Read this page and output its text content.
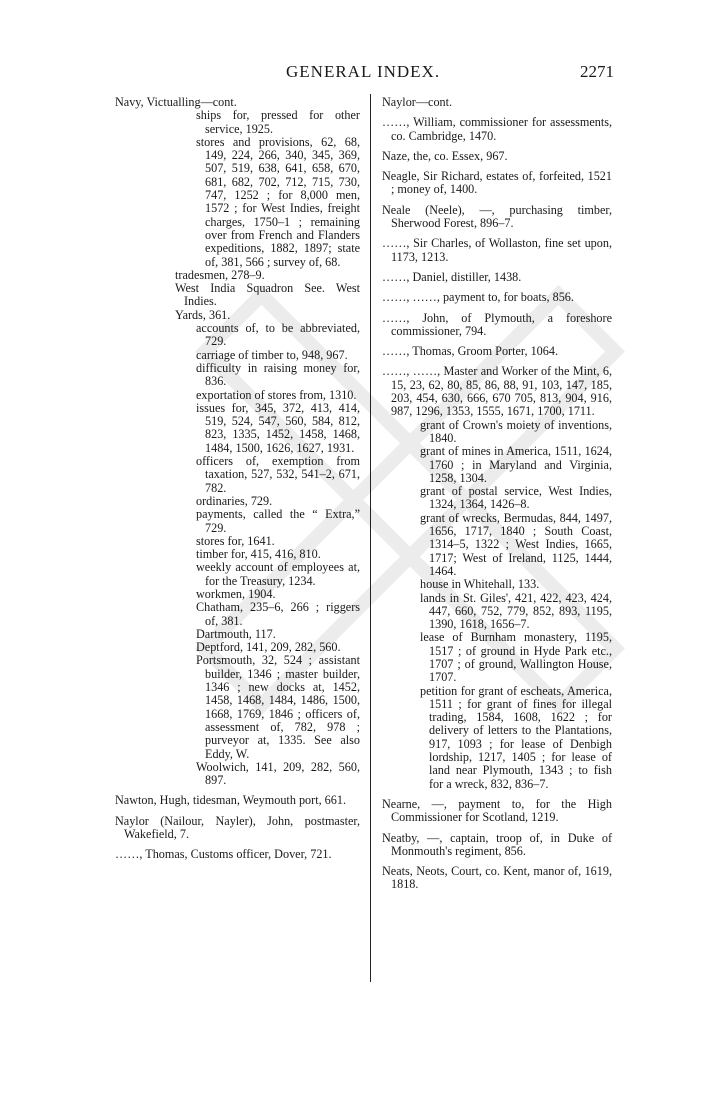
GENERAL INDEX.	2271

Navy, Victualling—cont.

ships for, pressed for other service, 1925.

stores and provisions, 62, 68, 149, 224, 266, 340, 345, 369, 507, 519, 638, 641, 658, 670, 681, 682, 702, 712, 715, 730, 747, 1252 ; for 8,000 men, 1572 ; for West Indies, freight charges, 1750–1 ; remaining over from French and Flanders expeditions, 1882, 1897; state of, 381, 566 ; survey of, 68.

tradesmen, 278–9.

West India Squadron See. West Indies.

Yards, 361.

accounts of, to be abbreviated, 729.

carriage of timber to, 948, 967.

difficulty in raising money for, 836.

exportation of stores from, 1310.

issues for, 345, 372, 413, 414, 519, 524, 547, 560, 584, 812, 823, 1335, 1452, 1458, 1468, 1484, 1500, 1626, 1627, 1931.

officers of, exemption from taxation, 527, 532, 541–2, 671, 782.

ordinaries, 729.

payments, called the “ Extra,” 729.

stores for, 1641.

timber for, 415, 416, 810.

weekly account of employees at, for the Treasury, 1234.

workmen, 1904.

Chatham, 235–6, 266 ; riggers of, 381.

Dartmouth, 117.

Deptford, 141, 209, 282, 560.

Portsmouth, 32, 524 ; assistant builder, 1346 ; master builder, 1346 ; new docks at, 1452, 1458, 1468, 1484, 1486, 1500, 1668, 1769, 1846 ; officers of, assessment of, 782, 978 ; purveyor at, 1335. See also Eddy, W.

Woolwich, 141, 209, 282, 560, 897.

Nawton, Hugh, tidesman, Weymouth port, 661.

Naylor (Nailour, Nayler), John, postmaster, Wakefield, 7.

……, Thomas, Customs officer, Dover, 721.

Naylor—cont.

……, William, commissioner for assessments, co. Cambridge, 1470.

Naze, the, co. Essex, 967.

Neagle, Sir Richard, estates of, forfeited, 1521 ; money of, 1400.

Neale (Neele), —, purchasing timber, Sherwood Forest, 896–7.

……, Sir Charles, of Wollaston, fine set upon, 1173, 1213.

……, Daniel, distiller, 1438.

……, ……, payment to, for boats, 856.

……, John, of Plymouth, a foreshore commissioner, 794.

……, Thomas, Groom Porter, 1064.

……, ……, Master and Worker of the Mint, 6, 15, 23, 62, 80, 85, 86, 88, 91, 103, 147, 185, 203, 454, 630, 666, 670 705, 813, 904, 916, 987, 1296, 1353, 1555, 1671, 1700, 1711.

grant of Crown's moiety of inventions, 1840.

grant of mines in America, 1511, 1624, 1760 ; in Maryland and Virginia, 1258, 1304.

grant of postal service, West Indies, 1324, 1364, 1426–8.

grant of wrecks, Bermudas, 844, 1497, 1656, 1717, 1840 ; South Coast, 1314–5, 1322 ; West Indies, 1665, 1717; West of Ireland, 1125, 1444, 1464.

house in Whitehall, 133.

lands in St. Giles', 421, 422, 423, 424, 447, 660, 752, 779, 852, 893, 1195, 1390, 1618, 1656–7.

lease of Burnham monastery, 1195, 1517 ; of ground in Hyde Park etc., 1707 ; of ground, Wallington House, 1707.

petition for grant of escheats, America, 1511 ; for grant of fines for illegal trading, 1584, 1608, 1622 ; for delivery of letters to the Plantations, 917, 1093 ; for lease of Denbigh lordship, 1217, 1405 ; for lease of land near Plymouth, 1343 ; to fish for a wreck, 832, 836–7.

Nearne, —, payment to, for the High Commissioner for Scotland, 1219.

Neatby, —, captain, troop of, in Duke of Monmouth's regiment, 856.

Neats, Neots, Court, co. Kent, manor of, 1619, 1818.
